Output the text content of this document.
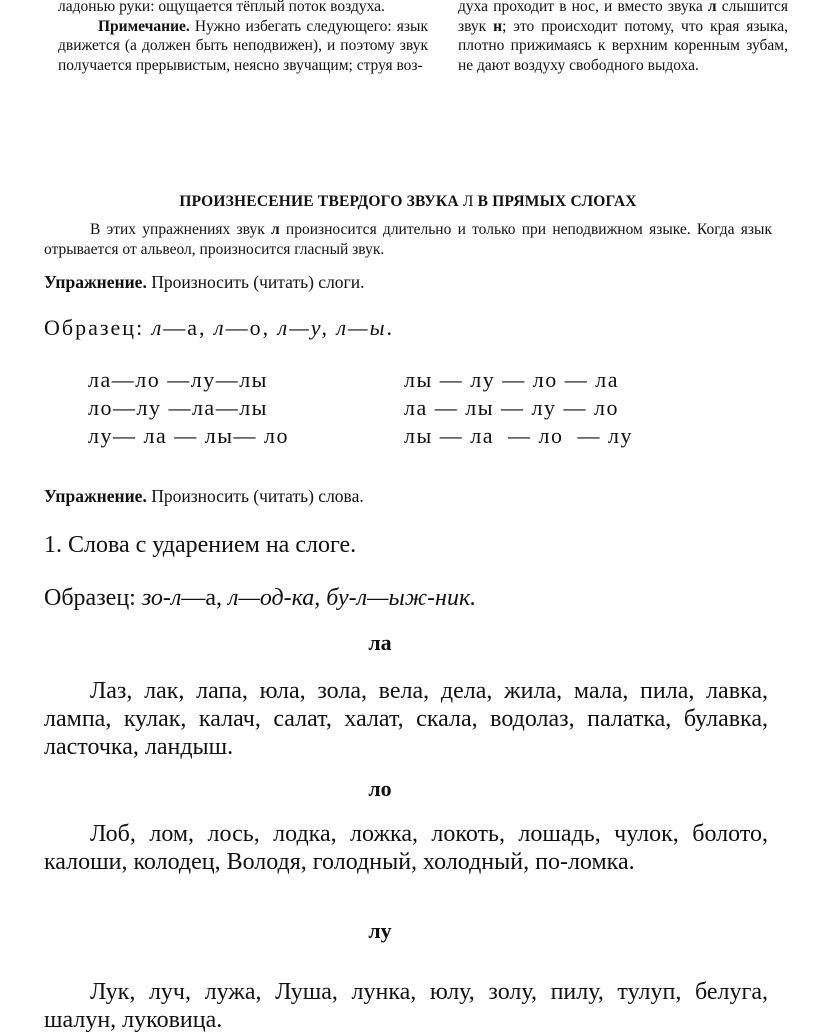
ладонью руки: ощущается тёплый поток воздуха.

Примечание. Нужно избегать следующего: язык движется (а должен быть неподвижен), и поэтому звук получается прерывистым, неясно звучащим; струя воз-

духа проходит в нос, и вместо звука л слышится звук н; это происходит потому, что края языка, плотно прижимаясь к верхним коренным зубам, не дают воздуху свободного выдоха.

ПРОИЗНЕСЕНИЕ ТВЕРДОГО ЗВУКА Л В ПРЯМЫХ СЛОГАХ

В этих упражнениях звук л произносится длительно и только при неподвижном языке. Когда язык отрывается от альвеол, произносится гласный звук.

Упражнение. Произносить (читать) слоги.
Образец: л—а, л—о, л—у, л—ы.
ла—ло —лу—лы
ло—лу —ла—лы
лу— ла — лы— ло
лы — лу — ло — ла
ла — лы — лу — ло
лы — ла  — ло  — лу
Упражнение. Произносить (читать) слова.
1. Слова с ударением на слоге.
Образец: зо-л—а, л—од-ка, бу-л—ыж-ник.
ла

Лаз, лак, лапа, юла, зола, вела, дела, жила, мала, пила, лавка, лампа, кулак, калач, салат, халат, скала, водолаз, палатка, булавка, ласточка, ландыш.

ло

Лоб, лом, лось, лодка, ложка, локоть, лошадь, чулок, болото, калоши, колодец, Володя, голодный, холодный, по-ломка.

лу

Лук, луч, лужа, Луша, лунка, юлу, золу, пилу, тулуп, белуга, шалун, луковица.
